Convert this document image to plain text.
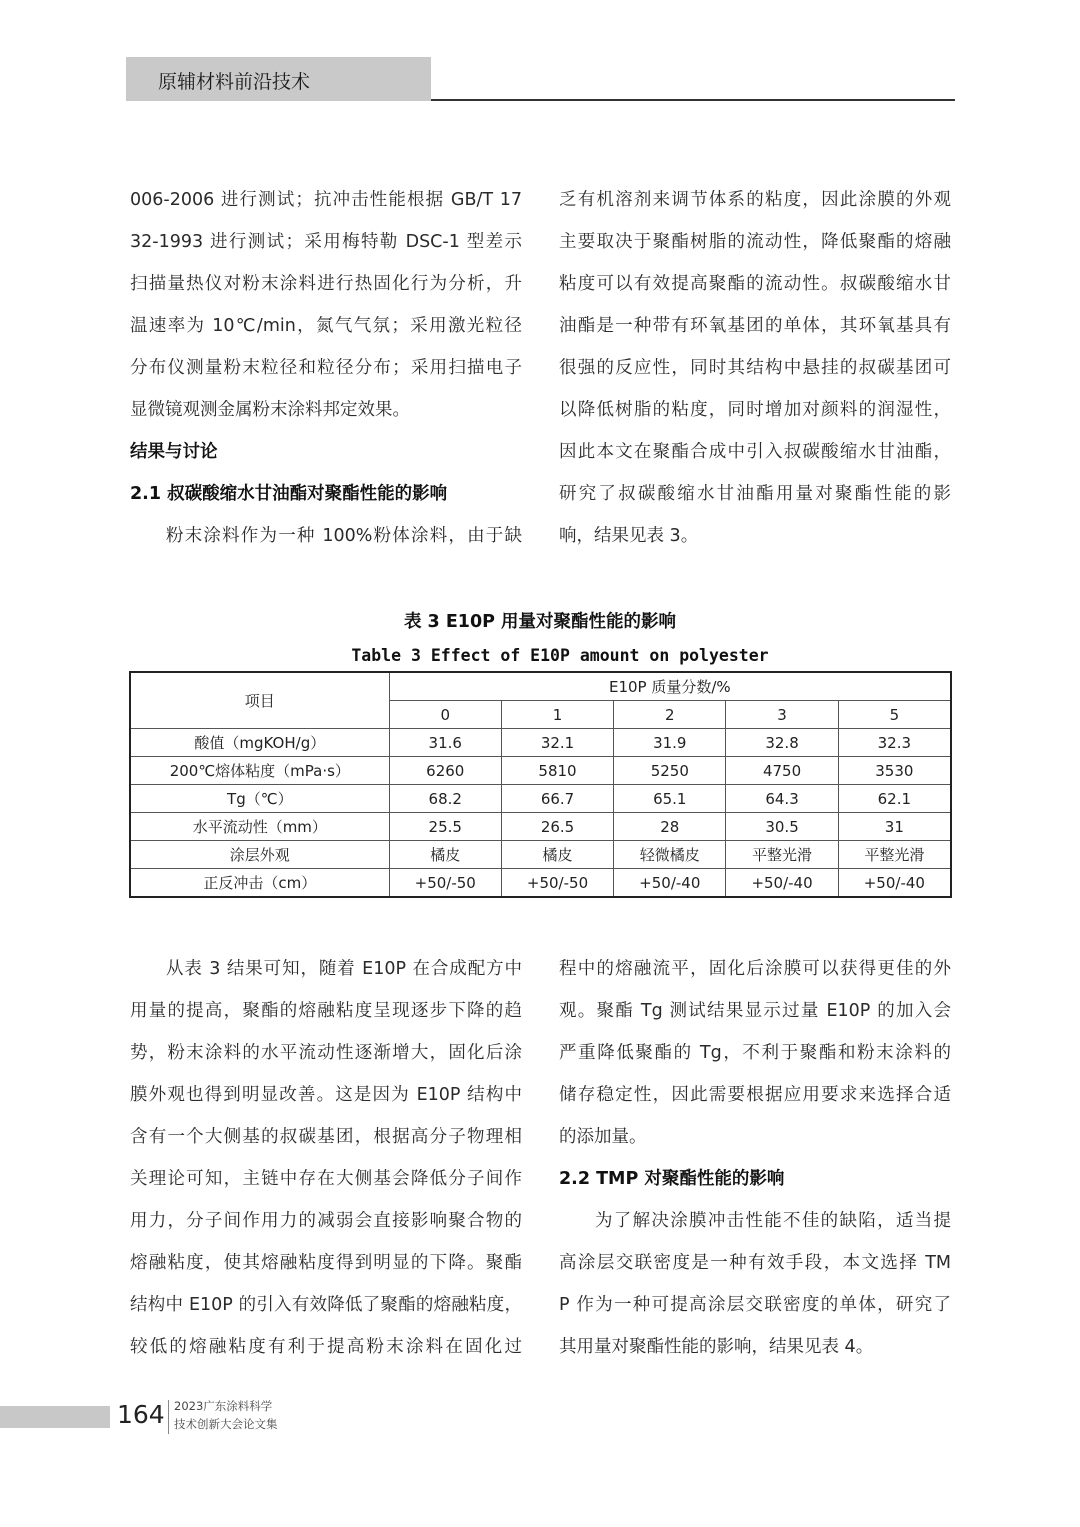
原辅材料前沿技术
006-2006 进行测试；抗冲击性能根据 GB/T 17
32-1993 进行测试；采用梅特勒 DSC-1 型差示
扫描量热仪对粉末涂料进行热固化行为分析，升
温速率为 10℃/min，氮气气氛；采用激光粒径
分布仪测量粉末粒径和粒径分布；采用扫描电子
显微镜观测金属粉末涂料邦定效果。
结果与讨论
2.1 叔碳酸缩水甘油酯对聚酯性能的影响
粉末涂料作为一种 100%粉体涂料，由于缺
乏有机溶剂来调节体系的粘度，因此涂膜的外观
主要取决于聚酯树脂的流动性，降低聚酯的熔融
粘度可以有效提高聚酯的流动性。叔碳酸缩水甘
油酯是一种带有环氧基团的单体，其环氧基具有
很强的反应性，同时其结构中悬挂的叔碳基团可
以降低树脂的粘度，同时增加对颜料的润湿性，
因此本文在聚酯合成中引入叔碳酸缩水甘油酯，
研究了叔碳酸缩水甘油酯用量对聚酯性能的影
响，结果见表 3。
表 3 E10P 用量对聚酯性能的影响
Table 3 Effect of E10P amount on polyester
项目	E10P 质量分数/%				
	0	1	2	3	5
酸值（mgKOH/g）	31.6	32.1	31.9	32.8	32.3
200℃熔体粘度（mPa·s）	6260	5810	5250	4750	3530
Tg（℃）	68.2	66.7	65.1	64.3	62.1
水平流动性（mm）	25.5	26.5	28	30.5	31
涂层外观	橘皮	橘皮	轻微橘皮	平整光滑	平整光滑
正反冲击（cm）	+50/-50	+50/-50	+50/-40	+50/-40	+50/-40
从表 3 结果可知，随着 E10P 在合成配方中
用量的提高，聚酯的熔融粘度呈现逐步下降的趋
势，粉末涂料的水平流动性逐渐增大，固化后涂
膜外观也得到明显改善。这是因为 E10P 结构中
含有一个大侧基的叔碳基团，根据高分子物理相
关理论可知，主链中存在大侧基会降低分子间作
用力，分子间作用力的减弱会直接影响聚合物的
熔融粘度，使其熔融粘度得到明显的下降。聚酯
结构中 E10P 的引入有效降低了聚酯的熔融粘度，
较低的熔融粘度有利于提高粉末涂料在固化过
程中的熔融流平，固化后涂膜可以获得更佳的外
观。聚酯 Tg 测试结果显示过量 E10P 的加入会
严重降低聚酯的 Tg，不利于聚酯和粉末涂料的
储存稳定性，因此需要根据应用要求来选择合适
的添加量。
2.2 TMP 对聚酯性能的影响
为了解决涂膜冲击性能不佳的缺陷，适当提
高涂层交联密度是一种有效手段，本文选择 TM
P 作为一种可提高涂层交联密度的单体，研究了
其用量对聚酯性能的影响，结果见表 4。
164 2023广东涂料科学
技术创新大会论文集
